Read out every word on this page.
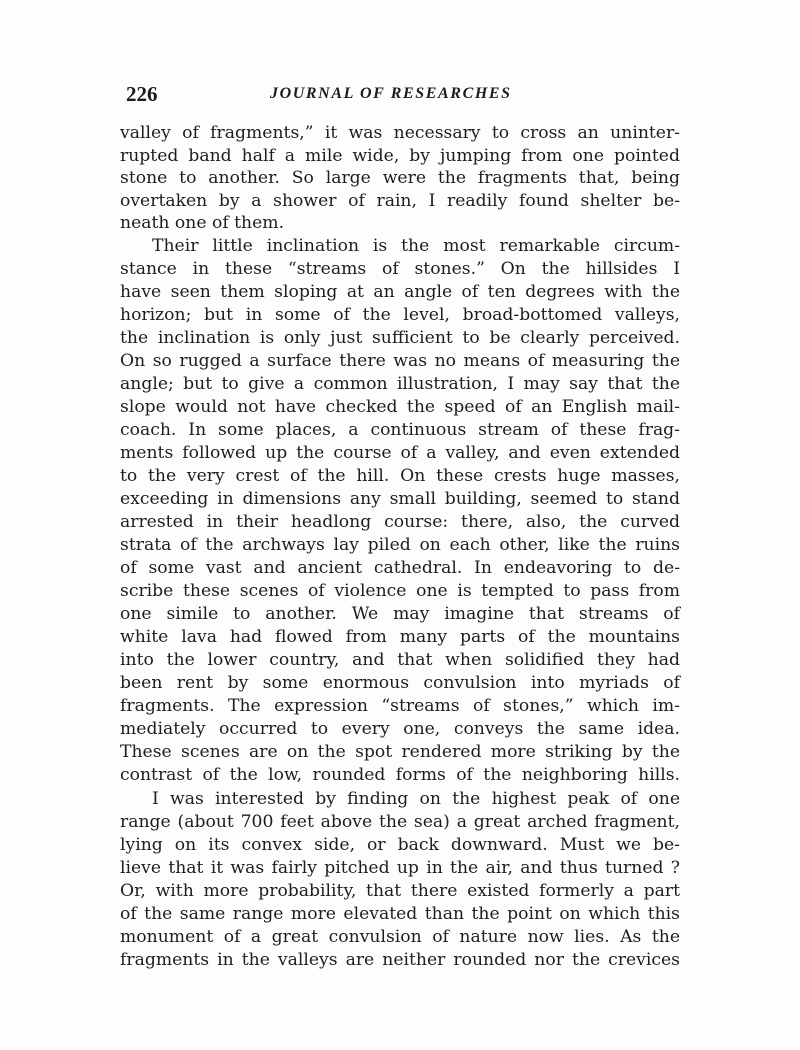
226	JOURNAL OF RESEARCHES
valley of fragments,” it was necessary to cross an uninter-
rupted band half a mile wide, by jumping from one pointed
stone to another. So large were the fragments that, being
overtaken by a shower of rain, I readily found shelter be-
neath one of them.
Their little inclination is the most remarkable circum-
stance in these “streams of stones.” On the hillsides I
have seen them sloping at an angle of ten degrees with the
horizon; but in some of the level, broad-bottomed valleys,
the inclination is only just sufficient to be clearly perceived.
On so rugged a surface there was no means of measuring the
angle; but to give a common illustration, I may say that the
slope would not have checked the speed of an English mail-
coach. In some places, a continuous stream of these frag-
ments followed up the course of a valley, and even extended
to the very crest of the hill. On these crests huge masses,
exceeding in dimensions any small building, seemed to stand
arrested in their headlong course: there, also, the curved
strata of the archways lay piled on each other, like the ruins
of some vast and ancient cathedral. In endeavoring to de-
scribe these scenes of violence one is tempted to pass from
one simile to another. We may imagine that streams of
white lava had flowed from many parts of the mountains
into the lower country, and that when solidified they had
been rent by some enormous convulsion into myriads of
fragments. The expression “streams of stones,” which im-
mediately occurred to every one, conveys the same idea.
These scenes are on the spot rendered more striking by the
contrast of the low, rounded forms of the neighboring hills.
I was interested by finding on the highest peak of one
range (about 700 feet above the sea) a great arched fragment,
lying on its convex side, or back downward. Must we be-
lieve that it was fairly pitched up in the air, and thus turned ?
Or, with more probability, that there existed formerly a part
of the same range more elevated than the point on which this
monument of a great convulsion of nature now lies. As the
fragments in the valleys are neither rounded nor the crevices
